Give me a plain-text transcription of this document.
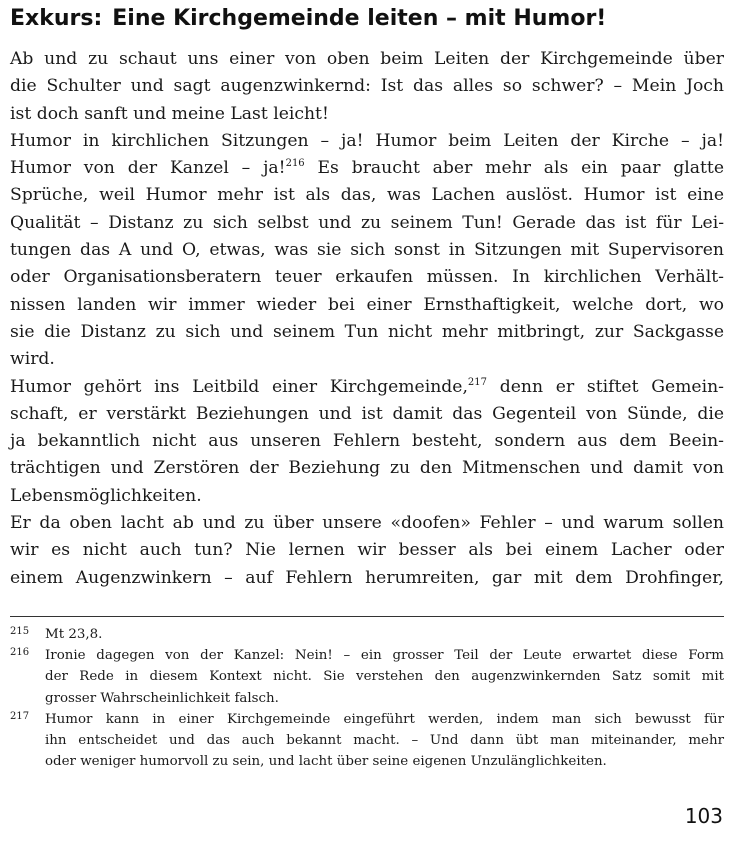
Exkurs: Eine Kirchgemeinde leiten – mit Humor!

Ab und zu schaut uns einer von oben beim Leiten der Kirchgemeinde über
die Schulter und sagt augenzwinkernd: Ist das alles so schwer? – Mein Joch
ist doch sanft und meine Last leicht!

Humor in kirchlichen Sitzungen – ja! Humor beim Leiten der Kirche – ja!
Humor von der Kanzel – ja!$^{216}$ Es braucht aber mehr als ein paar glatte
Sprüche, weil Humor mehr ist als das, was Lachen auslöst. Humor ist eine
Qualität – Distanz zu sich selbst und zu seinem Tun! Gerade das ist für Lei-
tungen das A und O, etwas, was sie sich sonst in Sitzungen mit Supervisoren
oder Organisationsberatern teuer erkaufen müssen. In kirchlichen Verhält-
nissen landen wir immer wieder bei einer Ernsthaftigkeit, welche dort, wo
sie die Distanz zu sich und seinem Tun nicht mehr mitbringt, zur Sackgasse
wird.

Humor gehört ins Leitbild einer Kirchgemeinde,$^{217}$ denn er stiftet Gemein-
schaft, er verstärkt Beziehungen und ist damit das Gegenteil von Sünde, die
ja bekanntlich nicht aus unseren Fehlern besteht, sondern aus dem Beein-
trächtigen und Zerstören der Beziehung zu den Mitmenschen und damit von
Lebensmöglichkeiten.

Er da oben lacht ab und zu über unsere «doofen» Fehler – und warum sollen
wir es nicht auch tun? Nie lernen wir besser als bei einem Lacher oder
einem Augenzwinkern – auf Fehlern herumreiten, gar mit dem Drohfinger,

215 Mt 23,8.
216 Ironie dagegen von der Kanzel: Nein! – ein grosser Teil der Leute erwartet diese Form
der Rede in diesem Kontext nicht. Sie verstehen den augenzwinkernden Satz somit mit
grosser Wahrscheinlichkeit falsch.
217 Humor kann in einer Kirchgemeinde eingeführt werden, indem man sich bewusst für
ihn entscheidet und das auch bekannt macht. – Und dann übt man miteinander, mehr
oder weniger humorvoll zu sein, und lacht über seine eigenen Unzulänglichkeiten.
103
